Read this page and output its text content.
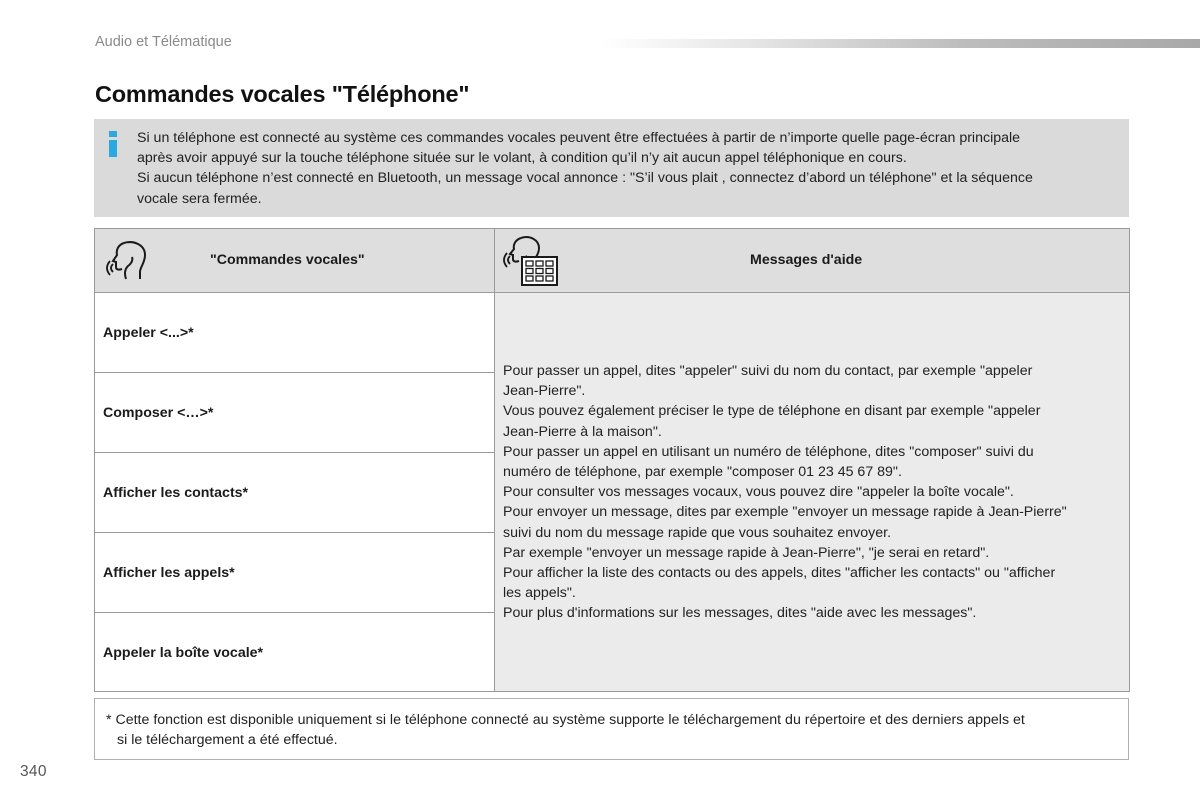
Audio et Télématique
Commandes vocales "Téléphone"
Si un téléphone est connecté au système ces commandes vocales peuvent être effectuées à partir de n’importe quelle page-écran principale
après avoir appuyé sur la touche téléphone située sur le volant, à condition qu’il n’y ait aucun appel téléphonique en cours.
Si aucun téléphone n’est connecté en Bluetooth, un message vocal annonce : "S’il vous plait , connectez d’abord un téléphone" et la séquence
vocale sera fermée.
"Commandes vocales"	Messages d'aide
Appeler <...>*
Composer <…>*
Afficher les contacts*
Afficher les appels*
Appeler la boîte vocale*
Pour passer un appel, dites "appeler" suivi du nom du contact, par exemple "appeler
Jean-Pierre".
Vous pouvez également préciser le type de téléphone en disant par exemple "appeler
Jean-Pierre à la maison".
Pour passer un appel en utilisant un numéro de téléphone, dites "composer" suivi du
numéro de téléphone, par exemple "composer 01 23 45 67 89".
Pour consulter vos messages vocaux, vous pouvez dire "appeler la boîte vocale".
Pour envoyer un message, dites par exemple "envoyer un message rapide à Jean-Pierre"
suivi du nom du message rapide que vous souhaitez envoyer.
Par exemple "envoyer un message rapide à Jean-Pierre", "je serai en retard".
Pour afficher la liste des contacts ou des appels, dites "afficher les contacts" ou "afficher
les appels".
Pour plus d'informations sur les messages, dites "aide avec les messages".
* Cette fonction est disponible uniquement si le téléphone connecté au système supporte le téléchargement du répertoire et des derniers appels et
si le téléchargement a été effectué.
340
